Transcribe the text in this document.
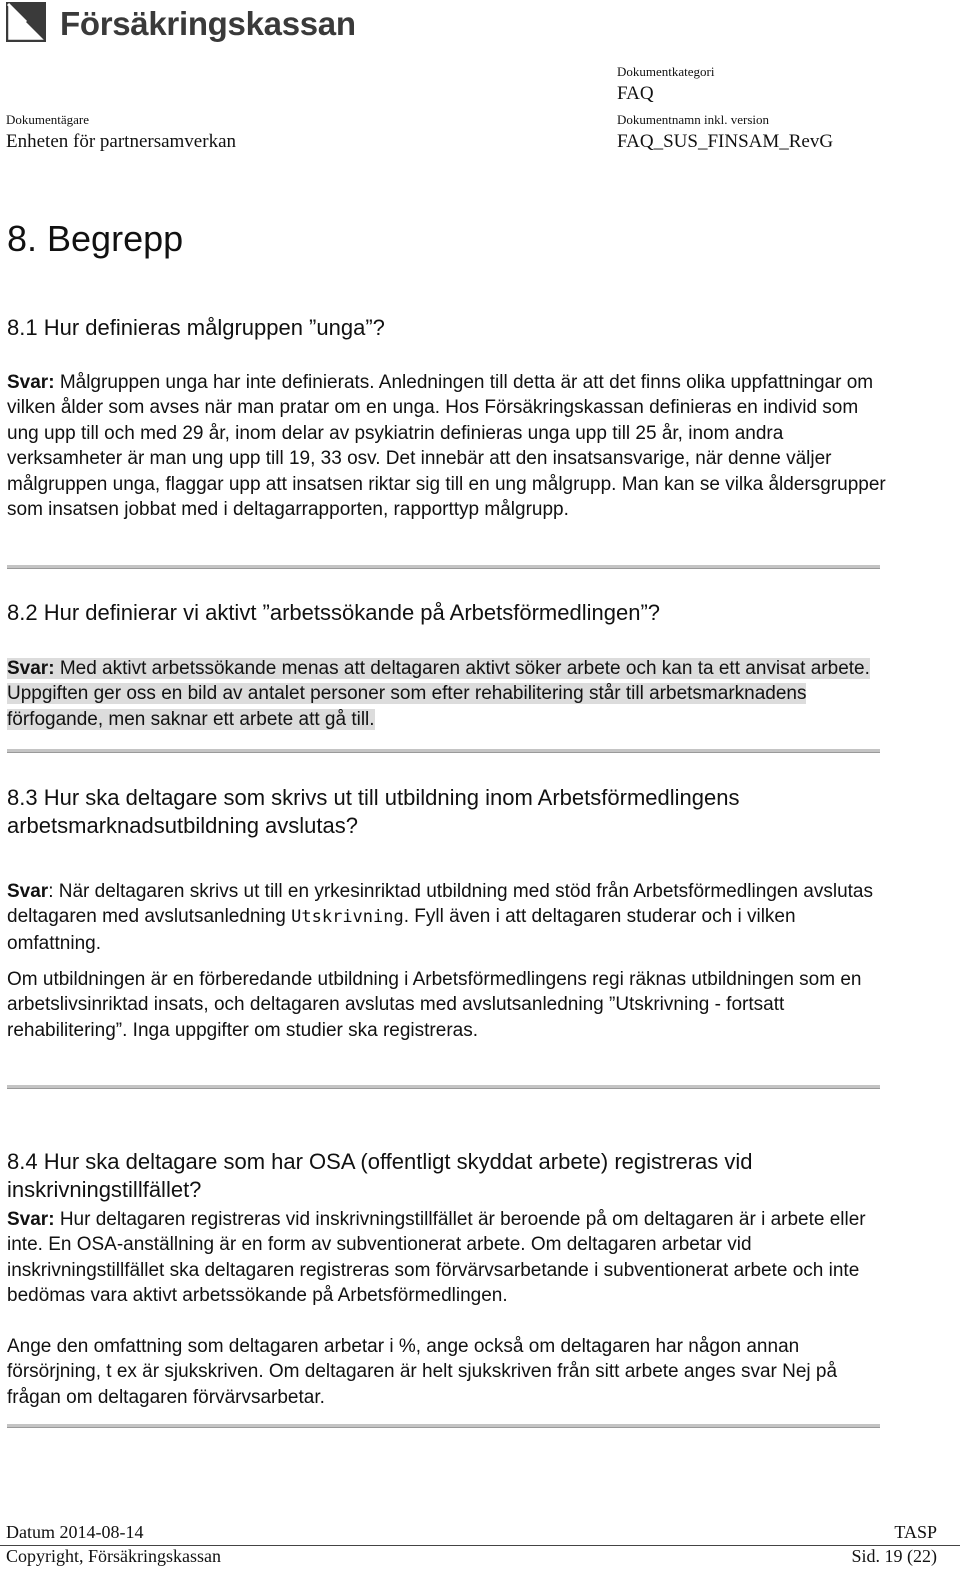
Försäkringskassan
Dokumentkategori
FAQ
Dokumentägare
Enheten för partnersamverkan
Dokumentnamn inkl. version
FAQ_SUS_FINSAM_RevG
8. Begrepp
8.1 Hur definieras målgruppen ”unga”?
Svar: Målgruppen unga har inte definierats. Anledningen till detta är att det finns olika uppfattningar om vilken ålder som avses när man pratar om en unga. Hos Försäkringskassan definieras en individ som ung upp till och med 29 år, inom delar av psykiatrin definieras unga upp till 25 år, inom andra verksamheter är man ung upp till 19, 33 osv. Det innebär att den insatsansvarige, när denne väljer målgruppen unga, flaggar upp att insatsen riktar sig till en ung målgrupp. Man kan se vilka åldersgrupper som insatsen jobbat med i deltagarrapporten, rapporttyp målgrupp.
8.2 Hur definierar vi aktivt ”arbetssökande på Arbetsförmedlingen”?
Svar: Med aktivt arbetssökande menas att deltagaren aktivt söker arbete och kan ta ett anvisat arbete. Uppgiften ger oss en bild av antalet personer som efter rehabilitering står till arbetsmarknadens förfogande, men saknar ett arbete att gå till.
8.3 Hur ska deltagare som skrivs ut till utbildning inom Arbetsförmedlingens arbetsmarknadsutbildning avslutas?
Svar: När deltagaren skrivs ut till en yrkesinriktad utbildning med stöd från Arbetsförmedlingen avslutas deltagaren med avslutsanledning Utskrivning. Fyll även i att deltagaren studerar och i vilken omfattning.
Om utbildningen är en förberedande utbildning i Arbetsförmedlingens regi räknas utbildningen som en arbetslivsinriktad insats, och deltagaren avslutas med avslutsanledning ”Utskrivning - fortsatt rehabilitering”. Inga uppgifter om studier ska registreras.
8.4 Hur ska deltagare som har OSA (offentligt skyddat arbete) registreras vid inskrivningstillfället?
Svar: Hur deltagaren registreras vid inskrivningstillfället är beroende på om deltagaren är i arbete eller inte. En OSA-anställning är en form av subventionerat arbete. Om deltagaren arbetar vid inskrivningstillfället ska deltagaren registreras som förvärvsarbetande i subventionerat arbete och inte bedömas vara aktivt arbetssökande på Arbetsförmedlingen.
Ange den omfattning som deltagaren arbetar i %, ange också om deltagaren har någon annan försörjning, t ex är sjukskriven. Om deltagaren är helt sjukskriven från sitt arbete anges svar Nej på frågan om deltagaren förvärvsarbetar.
Datum 2014-08-14
Copyright, Försäkringskassan
TASP
Sid. 19 (22)
